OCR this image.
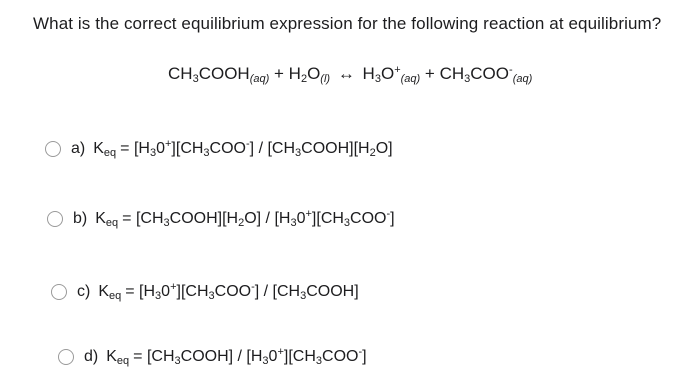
What is the correct equilibrium expression for the following reaction at equilibrium?
$CH_3COOH_{(aq)} + H_2O_{(l)}$ ↔ $H_3O^+_{(aq)} + CH_3COO^-_{(aq)}$
a) $K_{eq} = [H_30^+][CH_3COO^-]$ / $[CH_3COOH][H_2O]$
b) $K_{eq}$ = $[CH_3COOH][H_2O] / [H_30^+][CH_3COO^-]$
c) $K_{eq} = [H_30^+][CH_3COO^-]$ / $[CH_3COOH]$
d) $K_{eq}$ = $[CH_3COOH] / [H_30^+][CH_3COO^-]$
